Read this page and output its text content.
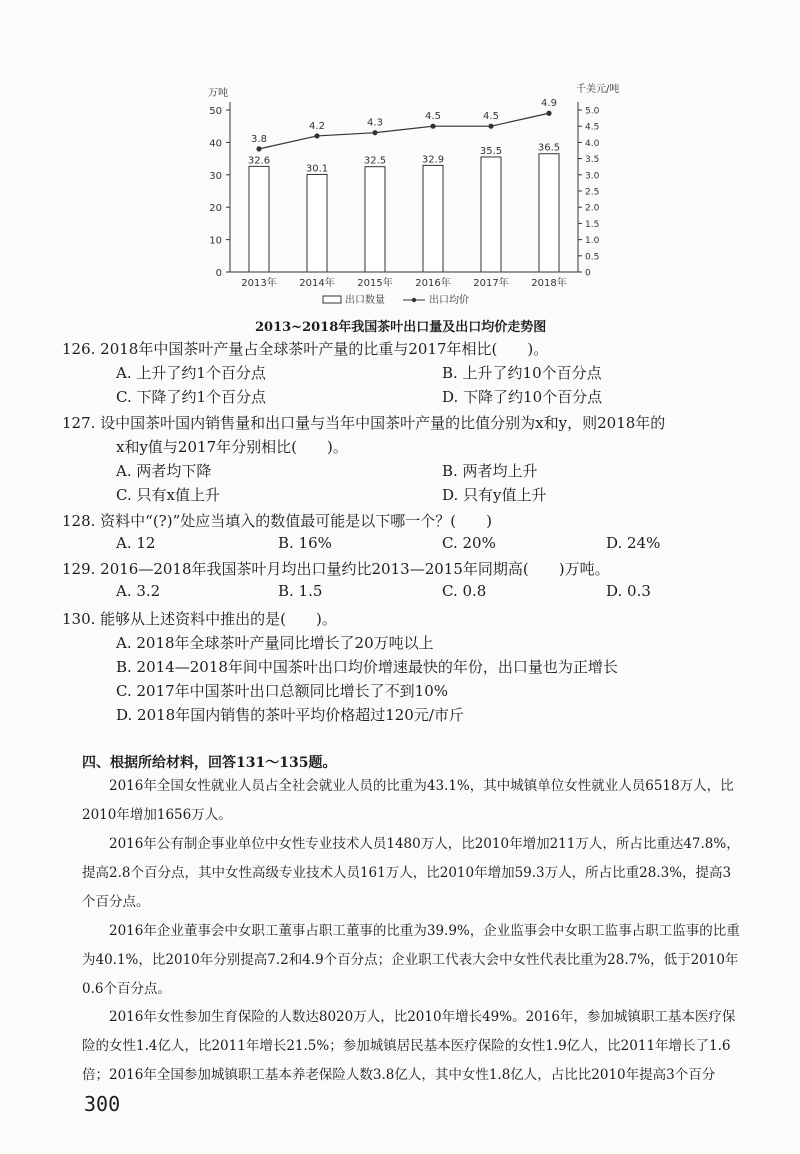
0
10
20
30
40
50
万吨
0
0.5
1.0
1.5
2.0
2.5
3.0
3.5
4.0
4.5
5.0
千美元/吨
32.6
2013年
30.1
2014年
32.5
2015年
32.9
2016年
35.5
2017年
36.5
2018年
3.8
4.2	4.3
4.5	4.5
4.9
出口数量	出口均价
2013~2018年我国茶叶出口量及出口均价走势图
126. 2018年中国茶叶产量占全球茶叶产量的比重与2017年相比(　　)。
A. 上升了约1个百分点	B. 上升了约10个百分点
C. 下降了约1个百分点	D. 下降了约10个百分点
127. 设中国茶叶国内销售量和出口量与当年中国茶叶产量的比值分别为x和y，则2018年的
x和y值与2017年分别相比(　　)。
A. 两者均下降	B. 两者均上升
C. 只有x值上升	D. 只有y值上升
128. 资料中“(?)”处应当填入的数值最可能是以下哪一个？(　　)
A. 12	B. 16%	C. 20%	D. 24%
129. 2016—2018年我国茶叶月均出口量约比2013—2015年同期高(　　)万吨。
A. 3.2	B. 1.5	C. 0.8	D. 0.3
130. 能够从上述资料中推出的是(　　)。
A. 2018年全球茶叶产量同比增长了20万吨以上
B. 2014—2018年间中国茶叶出口均价增速最快的年份，出口量也为正增长
C. 2017年中国茶叶出口总额同比增长了不到10%
D. 2018年国内销售的茶叶平均价格超过120元/市斤
四、根据所给材料，回答131～135题。
2016年全国女性就业人员占全社会就业人员的比重为43.1%，其中城镇单位女性就业人员6518万人，比2010年增加1656万人。
2016年公有制企事业单位中女性专业技术人员1480万人，比2010年增加211万人，所占比重达47.8%，提高2.8个百分点，其中女性高级专业技术人员161万人，比2010年增加59.3万人，所占比重28.3%，提高3个百分点。
2016年企业董事会中女职工董事占职工董事的比重为39.9%，企业监事会中女职工监事占职工监事的比重为40.1%，比2010年分别提高7.2和4.9个百分点；企业职工代表大会中女性代表比重为28.7%，低于2010年0.6个百分点。
2016年女性参加生育保险的人数达8020万人，比2010年增长49%。2016年，参加城镇职工基本医疗保险的女性1.4亿人，比2011年增长21.5%；参加城镇居民基本医疗保险的女性1.9亿人，比2011年增长了1.6倍；2016年全国参加城镇职工基本养老保险人数3.8亿人，其中女性1.8亿人，占比比2010年提高3个百分
300
